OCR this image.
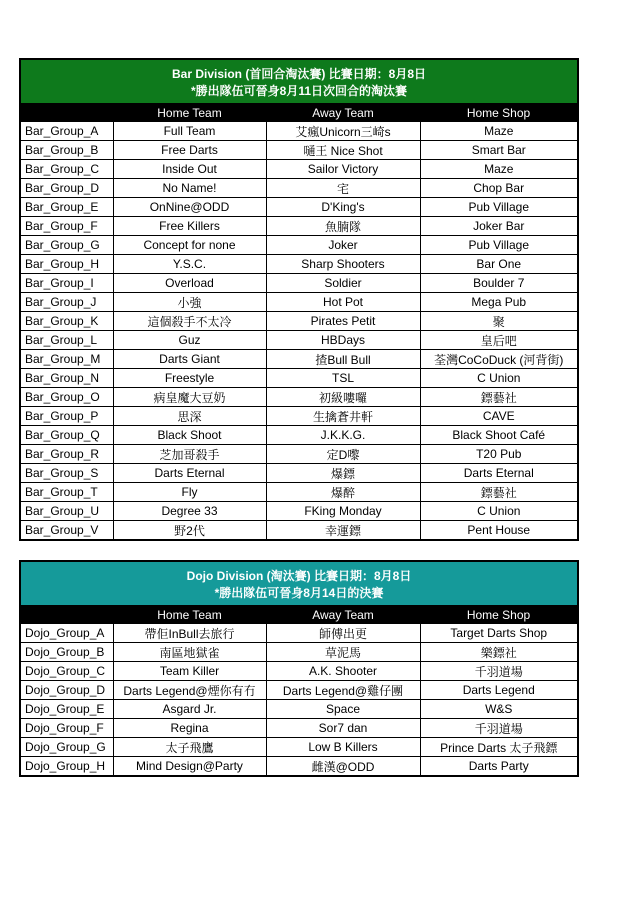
Bar Division (首回合淘汰賽) 比賽日期：8月8日
*勝出隊伍可晉身8月11日次回合的淘汰賽
	Home Team	Away Team	Home Shop
Bar_Group_A	Full Team	艾瘋Unicorn三崎s	Maze
Bar_Group_B	Free Darts	嗵王 Nice Shot	Smart Bar
Bar_Group_C	Inside Out	Sailor Victory	Maze
Bar_Group_D	No Name!	宅	Chop Bar
Bar_Group_E	OnNine@ODD	D'King's	Pub Village
Bar_Group_F	Free Killers	魚腩隊	Joker Bar
Bar_Group_G	Concept for none	Joker	Pub Village
Bar_Group_H	Y.S.C.	Sharp Shooters	Bar One
Bar_Group_I	Overload	Soldier	Boulder 7
Bar_Group_J	小強	Hot Pot	Mega Pub
Bar_Group_K	這個殺手不太冷	Pirates Petit	聚
Bar_Group_L	Guz	HBDays	皇后吧
Bar_Group_M	Darts Giant	揸Bull Bull	荃灣CoCoDuck (河背街)
Bar_Group_N	Freestyle	TSL	C Union
Bar_Group_O	病皇魔大豆奶	初級嘍囉	鏢藝社
Bar_Group_P	思深	生擒蒼井軒	CAVE
Bar_Group_Q	Black Shoot	J.K.K.G.	Black Shoot Café
Bar_Group_R	芝加哥殺手	定D嚟	T20 Pub
Bar_Group_S	Darts Eternal	爆鏢	Darts Eternal
Bar_Group_T	Fly	爆醉	鏢藝社
Bar_Group_U	Degree 33	FKing Monday	C Union
Bar_Group_V	野2代	幸運鏢	Pent House
Dojo Division (淘汰賽) 比賽日期：8月8日
*勝出隊伍可晉身8月14日的決賽
	Home Team	Away Team	Home Shop
Dojo_Group_A	帶佢InBull去旅行	師傅出更	Target Darts Shop
Dojo_Group_B	南區地獄雀	草泥馬	樂鏢社
Dojo_Group_C	Team Killer	A.K. Shooter	千羽道場
Dojo_Group_D	Darts Legend@煙你有冇	Darts Legend@雞仔團	Darts Legend
Dojo_Group_E	Asgard Jr.	Space	W&S
Dojo_Group_F	Regina	Sor7 dan	千羽道場
Dojo_Group_G	太子飛鷹	Low B Killers	Prince Darts 太子飛鏢
Dojo_Group_H	Mind Design@Party	雌漢@ODD	Darts Party
